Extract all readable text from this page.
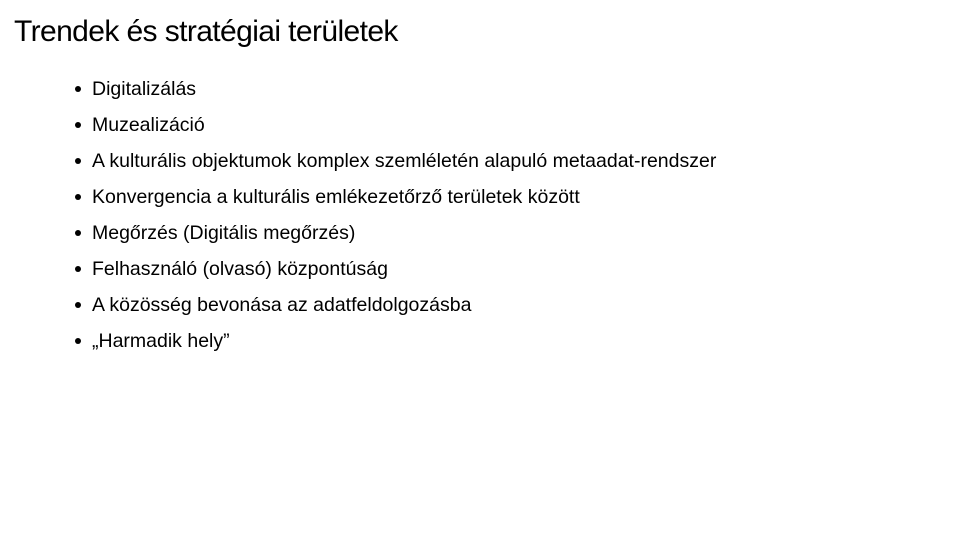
Trendek és stratégiai területek
Digitalizálás
Muzealizáció
A kulturális objektumok komplex szemléletén alapuló metaadat-rendszer
Konvergencia a kulturális emlékezetőrző területek között
Megőrzés (Digitális megőrzés)
Felhasználó (olvasó) központúság
A közösség bevonása az adatfeldolgozásba
„Harmadik hely”
